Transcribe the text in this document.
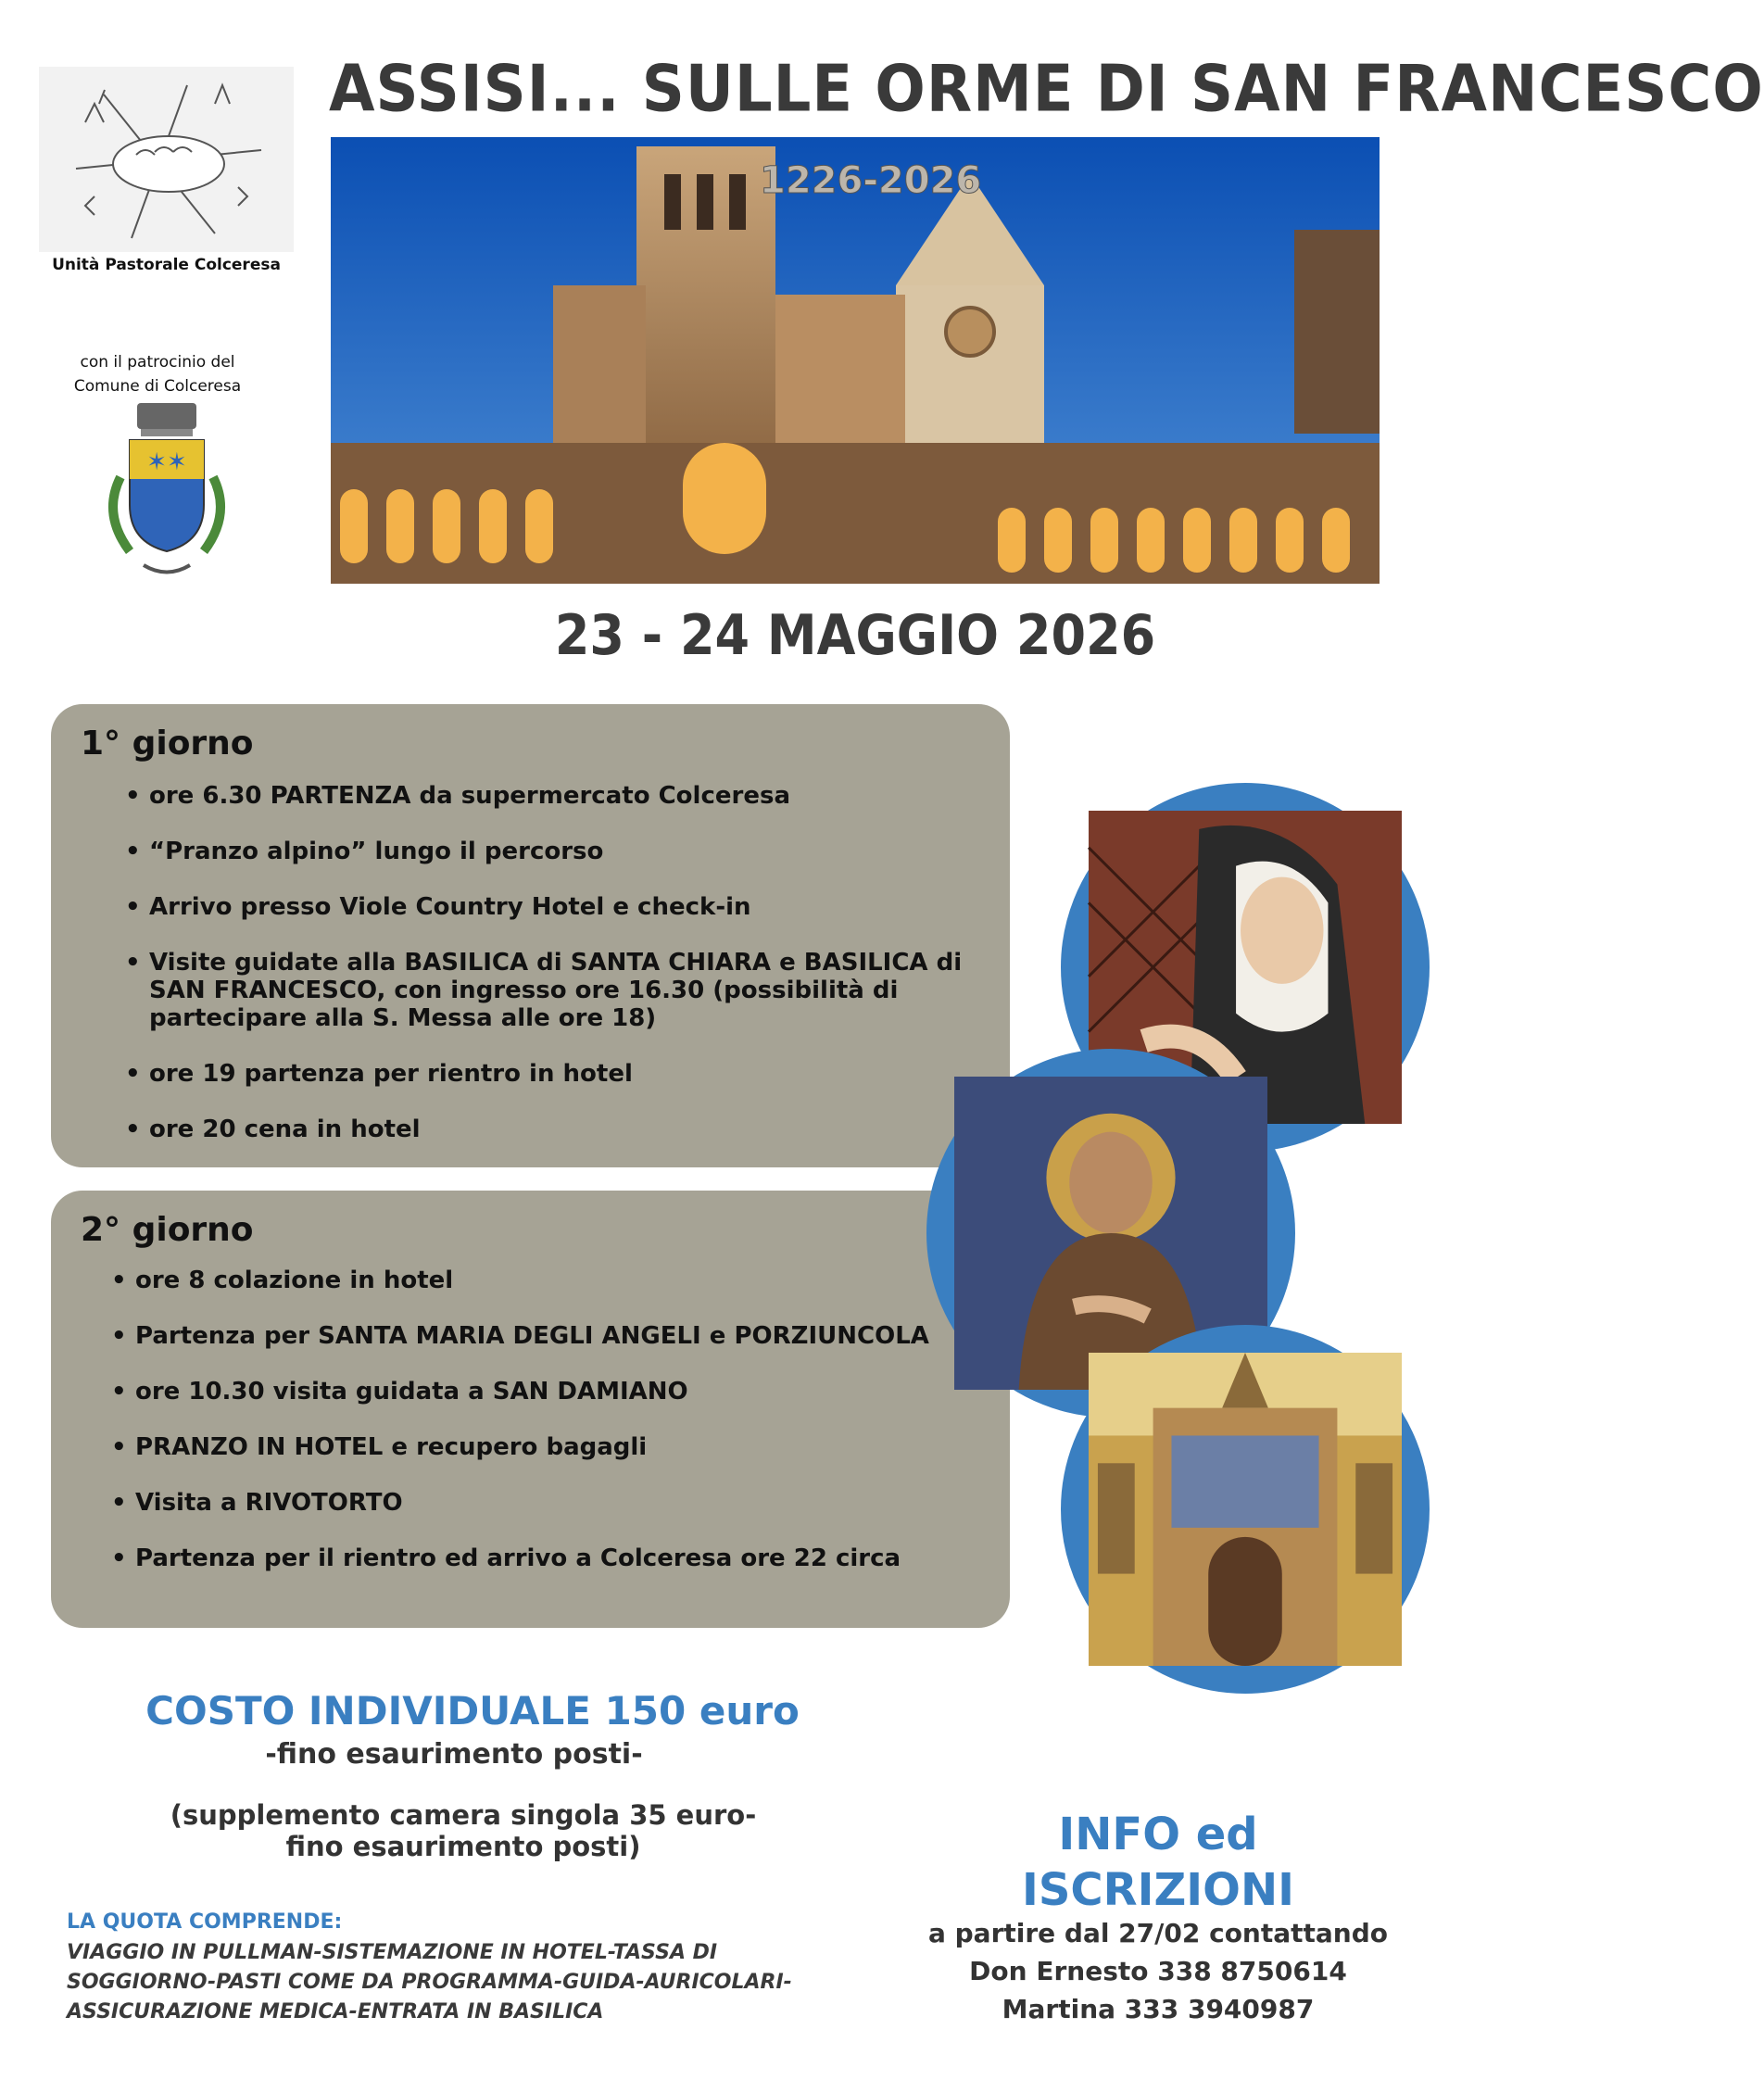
Unità Pastorale Colceresa
con il patrocinio del
Comune di Colceresa
✶✶
ASSISI... SULLE ORME DI SAN FRANCESCO
1226-2026
23 - 24 MAGGIO 2026
1° giorno
• ore 6.30 PARTENZA da supermercato Colceresa
• “Pranzo alpino” lungo il percorso
• Arrivo presso Viole Country Hotel e check-in
• Visite guidate alla BASILICA di SANTA CHIARA e BASILICA di SAN FRANCESCO, con ingresso ore 16.30 (possibilità di partecipare alla S. Messa alle ore 18)
• ore 19 partenza per rientro in hotel
• ore 20 cena in hotel
2° giorno
• ore 8 colazione in hotel
• Partenza per SANTA MARIA DEGLI ANGELI e PORZIUNCOLA
• ore 10.30 visita guidata a SAN DAMIANO
• PRANZO IN HOTEL e recupero bagagli
• Visita a RIVOTORTO
• Partenza per il rientro ed arrivo a Colceresa ore 22 circa
COSTO INDIVIDUALE 150 euro
-fino esaurimento posti-
(supplemento camera singola 35 euro-
fino esaurimento posti)
LA QUOTA COMPRENDE:
VIAGGIO IN PULLMAN-SISTEMAZIONE IN HOTEL-TASSA DI
SOGGIORNO-PASTI COME DA PROGRAMMA-GUIDA-AURICOLARI-
ASSICURAZIONE MEDICA-ENTRATA IN BASILICA
INFO ed
ISCRIZIONI
a partire dal 27/02 contattando
Don Ernesto 338 8750614
Martina 333 3940987
